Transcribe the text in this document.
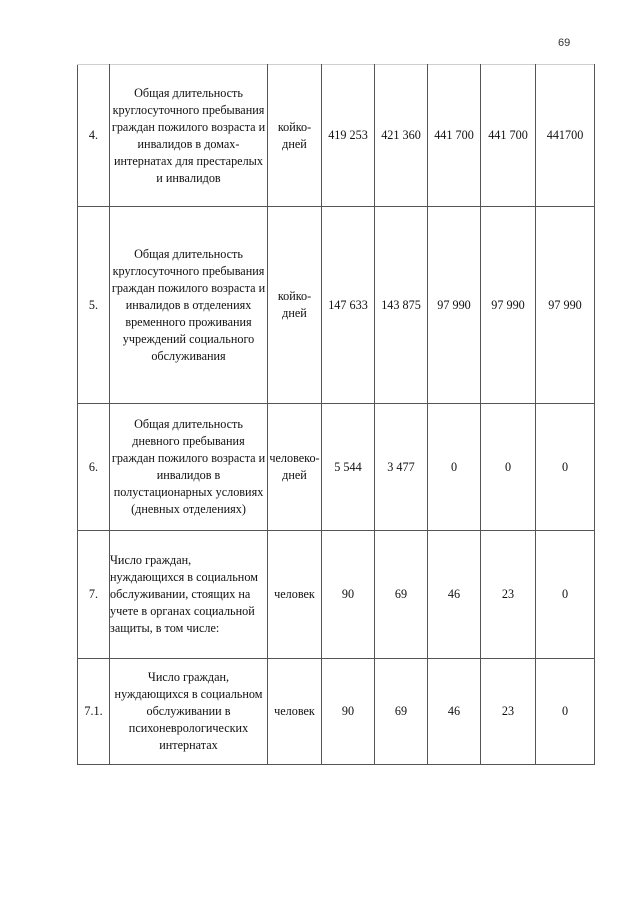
69
4.	Общая длительность круглосуточного пребывания граждан пожилого возраста и инвалидов в домах-интернатах для престарелых и инвалидов	койко-дней	419 253	421 360	441 700	441 700	441700
5.	Общая длительность круглосуточного пребывания граждан пожилого возраста и инвалидов в отделениях временного проживания учреждений социального обслуживания	койко-дней	147 633	143 875	97 990	97 990	97 990
6.	Общая длительность дневного пребывания граждан пожилого возраста и инвалидов в полустационарных условиях (дневных отделениях)	человеко-дней	5 544	3 477	0	0	0
7.	Число граждан, нуждающихся в социальном обслуживании, стоящих на учете в органах социальной защиты, в том числе:	человек	90	69	46	23	0
7.1.	Число граждан, нуждающихся в социальном обслуживании в психоневрологических интернатах	человек	90	69	46	23	0
